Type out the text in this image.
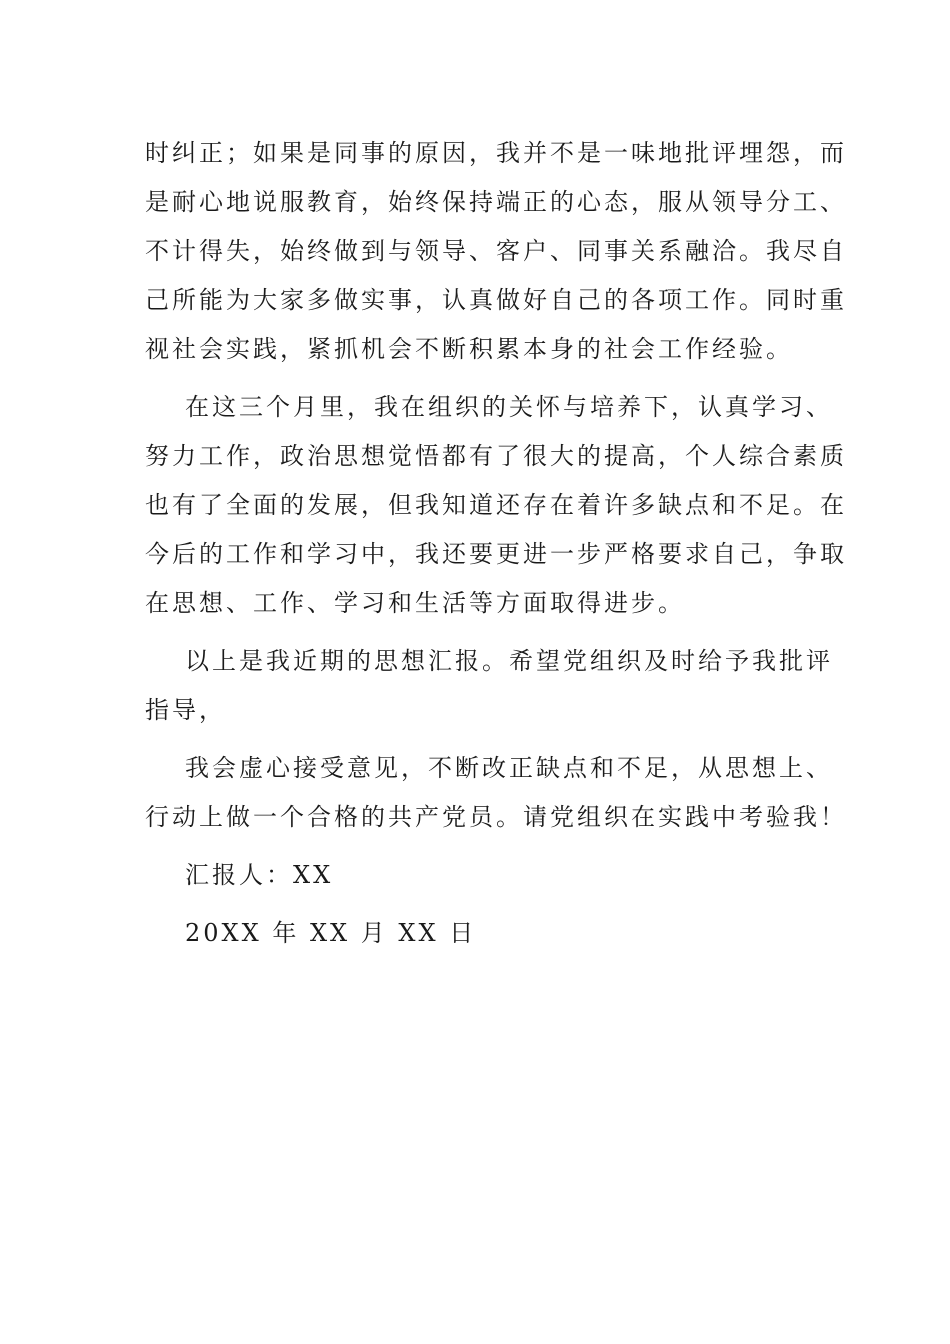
时纠正；如果是同事的原因，我并不是一味地批评埋怨，而
是耐心地说服教育，始终保持端正的心态，服从领导分工、
不计得失，始终做到与领导、客户、同事关系融洽。我尽自
己所能为大家多做实事，认真做好自己的各项工作。同时重
视社会实践，紧抓机会不断积累本身的社会工作经验。
在这三个月里，我在组织的关怀与培养下，认真学习、
努力工作，政治思想觉悟都有了很大的提高，个人综合素质
也有了全面的发展，但我知道还存在着许多缺点和不足。在
今后的工作和学习中，我还要更进一步严格要求自己，争取
在思想、工作、学习和生活等方面取得进步。
以上是我近期的思想汇报。希望党组织及时给予我批评
指导，
我会虚心接受意见，不断改正缺点和不足，从思想上、
行动上做一个合格的共产党员。请党组织在实践中考验我！
汇报人：XX
20XX 年 XX 月 XX 日
